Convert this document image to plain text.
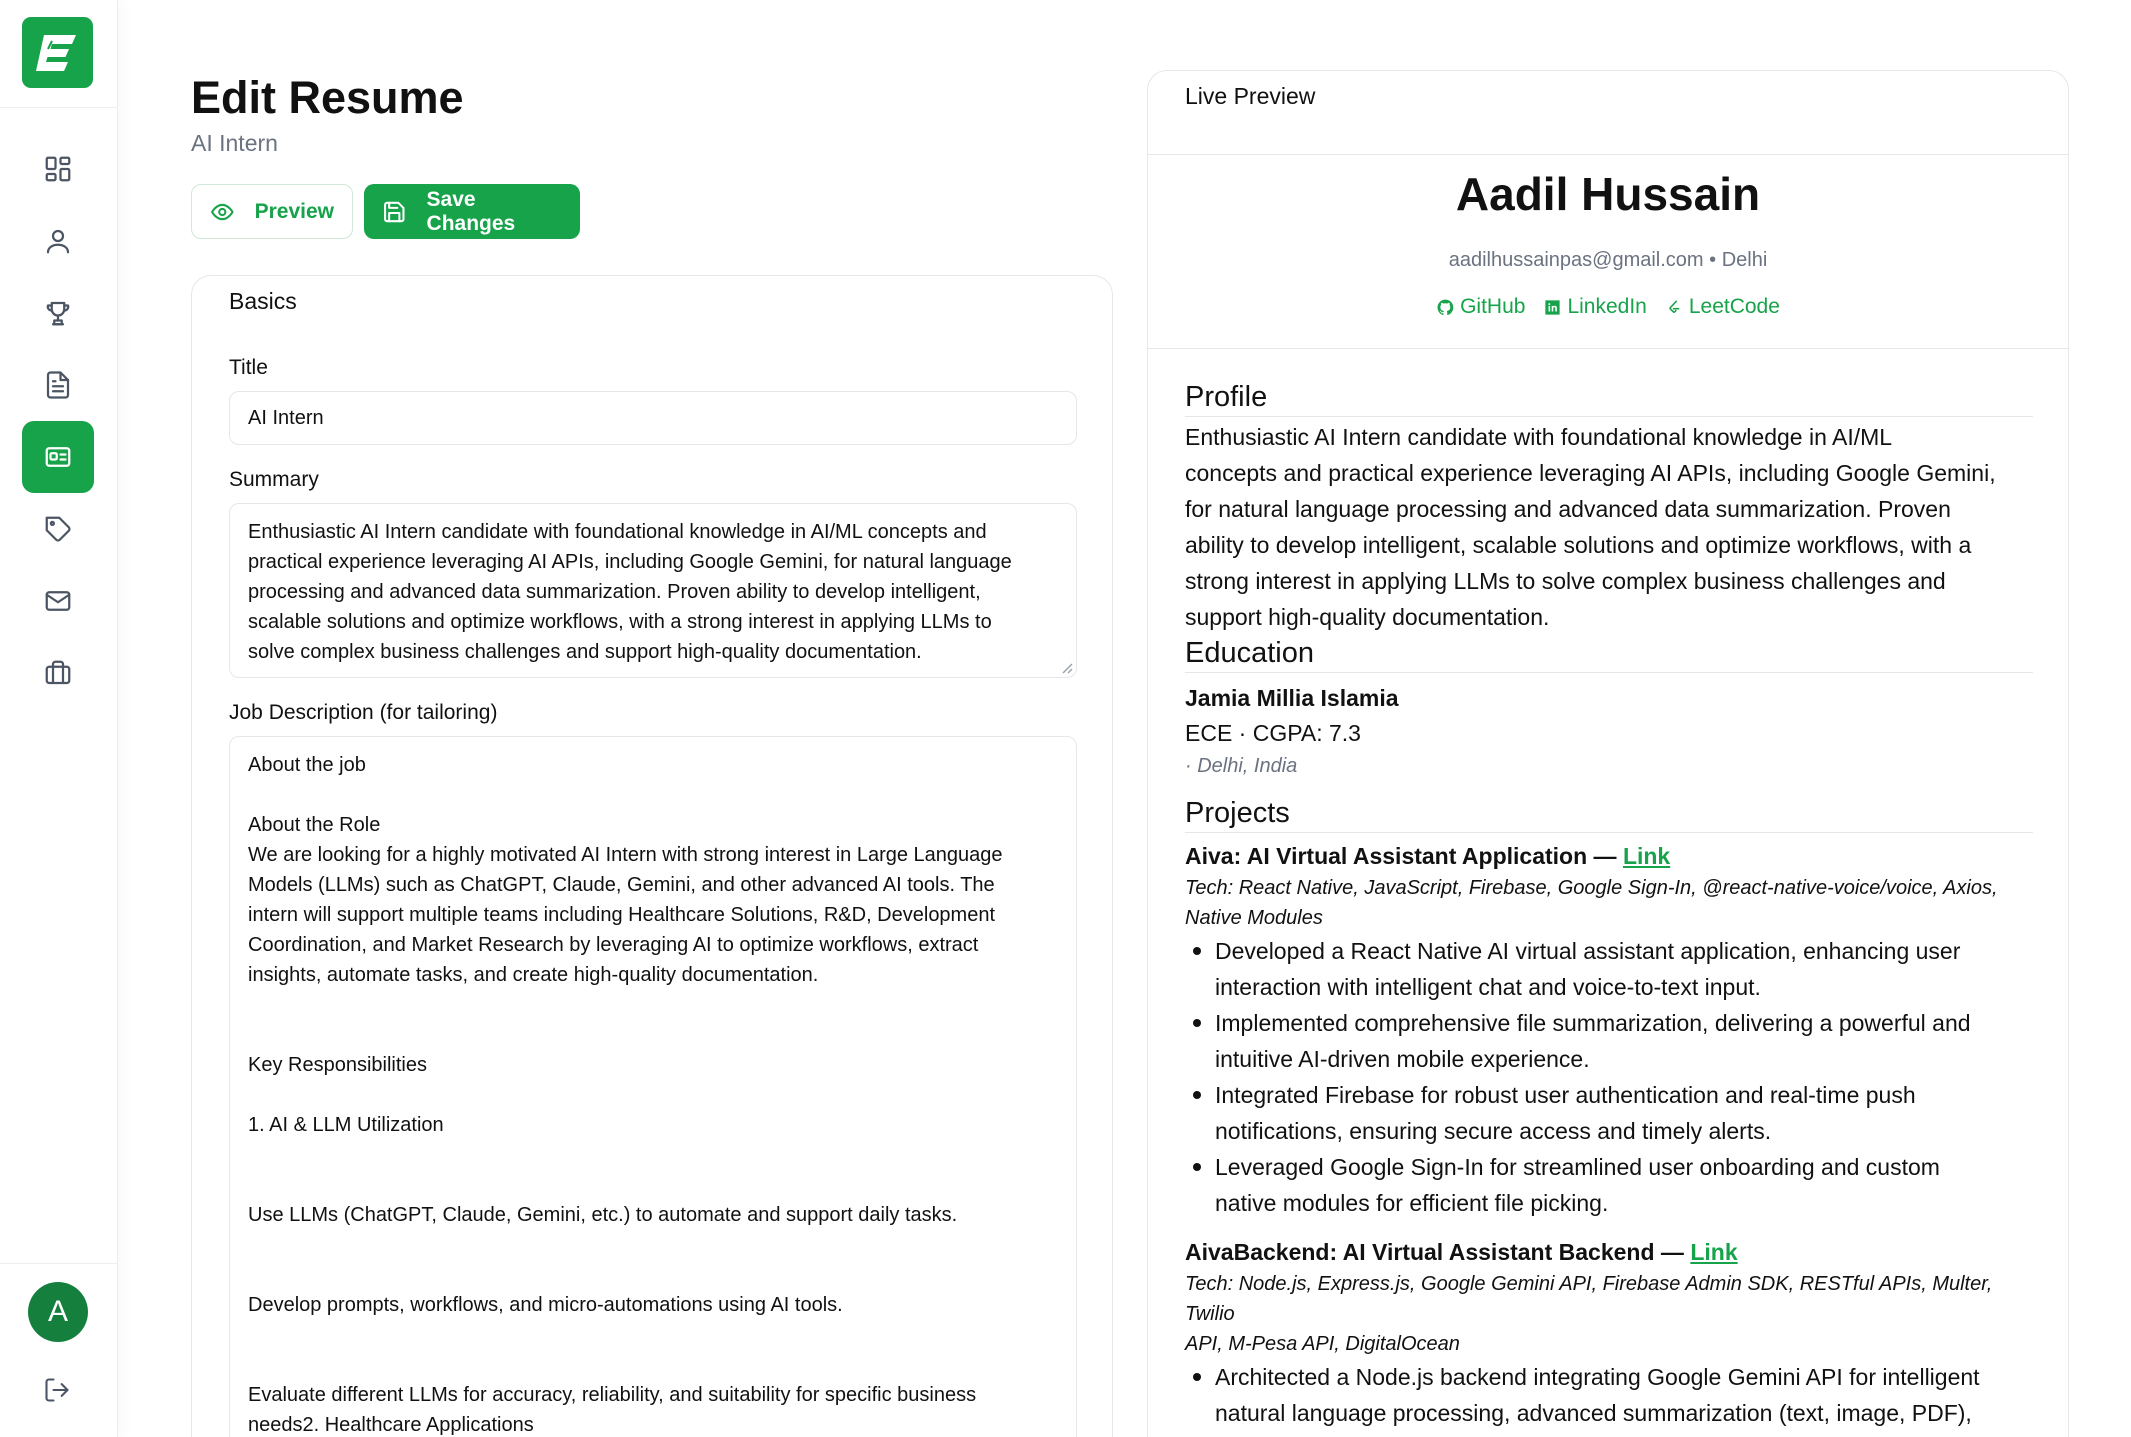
A
Edit Resume
AI Intern
Preview
Save Changes
Basics
Title
AI Intern
Summary
Enthusiastic AI Intern candidate with foundational knowledge in AI/ML concepts and
practical experience leveraging AI APIs, including Google Gemini, for natural language
processing and advanced data summarization. Proven ability to develop intelligent,
scalable solutions and optimize workflows, with a strong interest in applying LLMs to
solve complex business challenges and support high-quality documentation.
Job Description (for tailoring)
About the job

About the Role
We are looking for a highly motivated AI Intern with strong interest in Large Language
Models (LLMs) such as ChatGPT, Claude, Gemini, and other advanced AI tools. The
intern will support multiple teams including Healthcare Solutions, R&D, Development
Coordination, and Market Research by leveraging AI to optimize workflows, extract
insights, automate tasks, and create high-quality documentation.

Key Responsibilities

1. AI & LLM Utilization

Use LLMs (ChatGPT, Claude, Gemini, etc.) to automate and support daily tasks.

Develop prompts, workflows, and micro-automations using AI tools.

Evaluate different LLMs for accuracy, reliability, and suitability for specific business
needs2. Healthcare Applications
Live Preview
Aadil Hussain
aadilhussainpas@gmail.com • Delhi
GitHub LinkedIn LeetCode
Profile
Enthusiastic AI Intern candidate with foundational knowledge in AI/ML
concepts and practical experience leveraging AI APIs, including Google Gemini,
for natural language processing and advanced data summarization. Proven
ability to develop intelligent, scalable solutions and optimize workflows, with a
strong interest in applying LLMs to solve complex business challenges and
support high-quality documentation.
Education
Jamia Millia Islamia
ECE · CGPA: 7.3
· Delhi, India
Projects
Aiva: AI Virtual Assistant Application — Link
Tech: React Native, JavaScript, Firebase, Google Sign-In, @react-native-voice/voice, Axios,
Native Modules
Developed a React Native AI virtual assistant application, enhancing user
interaction with intelligent chat and voice-to-text input.
Implemented comprehensive file summarization, delivering a powerful and
intuitive AI-driven mobile experience.
Integrated Firebase for robust user authentication and real-time push
notifications, ensuring secure access and timely alerts.
Leveraged Google Sign-In for streamlined user onboarding and custom
native modules for efficient file picking.
AivaBackend: AI Virtual Assistant Backend — Link
Tech: Node.js, Express.js, Google Gemini API, Firebase Admin SDK, RESTful APIs, Multer, Twilio
API, M-Pesa API, DigitalOcean
Architected a Node.js backend integrating Google Gemini API for intelligent
natural language processing, advanced summarization (text, image, PDF),
